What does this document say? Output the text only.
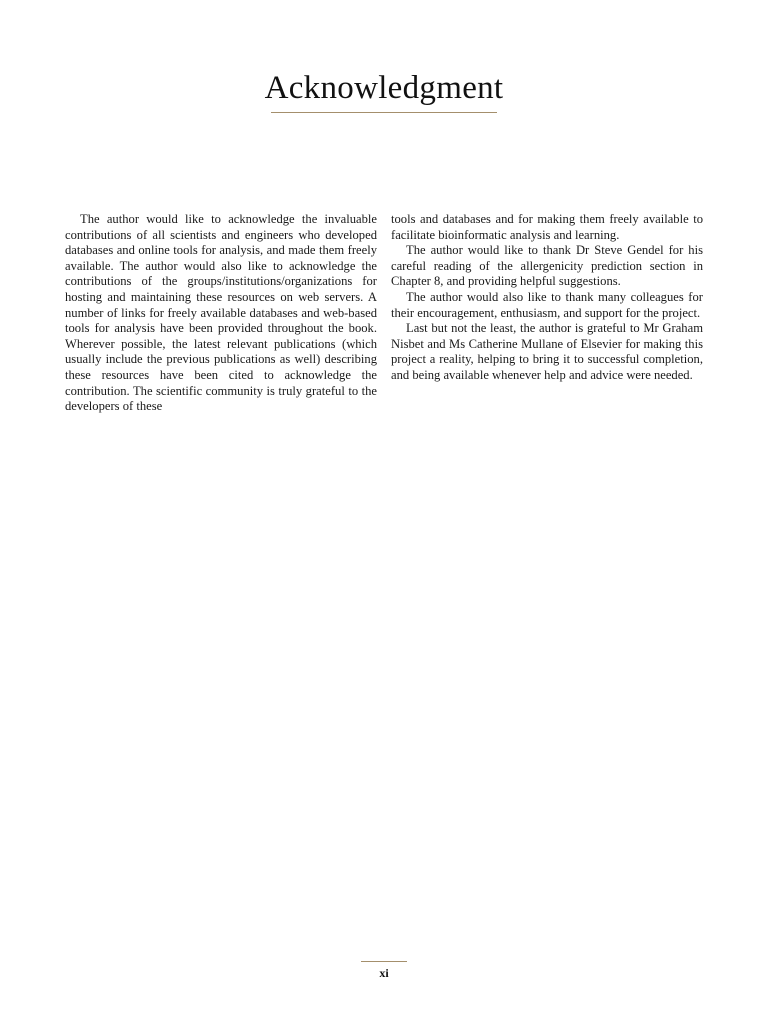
Acknowledgment

The author would like to acknowledge the invaluable contributions of all scientists and engineers who developed databases and online tools for analysis, and made them freely available. The author would also like to acknowledge the contributions of the groups/​institutions/​organizations for hosting and maintaining these resources on web servers. A number of links for freely available databases and web-based tools for analysis have been provided throughout the book. Wherever possible, the latest relevant publications (which usually include the previous publications as well) describing these resources have been cited to acknowledge the contribution. The scientific community is truly grateful to the developers of these

tools and databases and for making them freely available to facilitate bioinformatic analysis and learning.

The author would like to thank Dr Steve Gendel for his careful reading of the allergenicity prediction section in Chapter 8, and providing helpful suggestions.

The author would also like to thank many colleagues for their encouragement, enthusiasm, and support for the project.

Last but not the least, the author is grateful to Mr Graham Nisbet and Ms Catherine Mullane of Elsevier for making this project a reality, helping to bring it to successful completion, and being available whenever help and advice were needed.

xi
